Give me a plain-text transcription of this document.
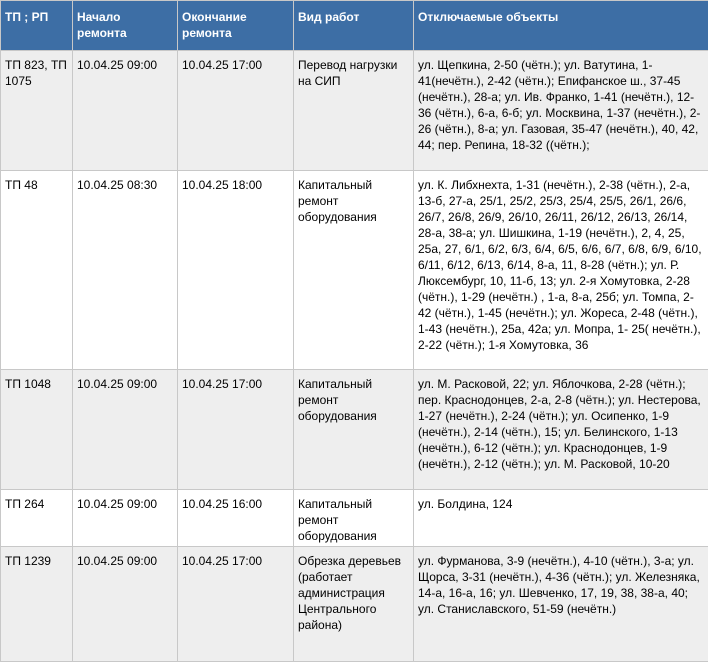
ТП ; РП	Начало ремонта	Окончание ремонта	Вид работ	Отключаемые объекты
ТП 823, ТП 1075	10.04.25 09:00	10.04.25 17:00	Перевод нагрузки на СИП	ул. Щепкина, 2-50 (чётн.); ул. Ватутина, 1-41(нечётн.), 2-42 (чётн.); Епифанское ш., 37-45 (нечётн.), 28-а; ул. Ив. Франко, 1-41 (нечётн.), 12-36 (чётн.), 6-а, 6-б; ул. Москвина, 1-37 (нечётн.), 2-26 (чётн.), 8-а; ул. Газовая, 35-47 (нечётн.), 40, 42, 44; пер. Репина, 18-32 ((чётн.);
ТП 48	10.04.25 08:30	10.04.25 18:00	Капитальный ремонт оборудования	ул. К. Либхнехта, 1-31 (нечётн.), 2-38 (чётн.), 2-а, 13-б, 27-а, 25/1, 25/2, 25/3, 25/4, 25/5, 26/1, 26/6, 26/7, 26/8, 26/9, 26/10, 26/11, 26/12, 26/13, 26/14, 28-а, 38-а; ул. Шишкина, 1-19 (нечётн.), 2, 4, 25, 25а, 27, 6/1, 6/2, 6/3, 6/4, 6/5, 6/6, 6/7, 6/8, 6/9, 6/10, 6/11, 6/12, 6/13, 6/14, 8-а, 11, 8-28 (чётн.); ул. Р. Люксембург, 10, 11-б, 13; ул. 2-я Хомутовка, 2-28 (чётн.), 1-29 (нечётн.) , 1-а, 8-а, 25б; ул. Томпа, 2-42 (чётн.), 1-45 (нечётн.); ул. Жореса, 2-48 (чётн.), 1-43 (нечётн.), 25а, 42а; ул. Мопра, 1- 25( нечётн.), 2-22 (чётн.); 1-я Хомутовка, 36
ТП 1048	10.04.25 09:00	10.04.25 17:00	Капитальный ремонт оборудования	ул. М. Расковой, 22; ул. Яблочкова, 2-28 (чётн.); пер. Краснодонцев, 2-а, 2-8 (чётн.); ул. Нестерова, 1-27 (нечётн.), 2-24 (чётн.); ул. Осипенко, 1-9 (нечётн.), 2-14 (чётн.), 15; ул. Белинского, 1-13 (нечётн.), 6-12 (чётн.); ул. Краснодонцев, 1-9 (нечётн.), 2-12 (чётн.); ул. М. Расковой, 10-20
ТП 264	10.04.25 09:00	10.04.25 16:00	Капитальный ремонт оборудования	ул. Болдина, 124
ТП 1239	10.04.25 09:00	10.04.25 17:00	Обрезка деревьев (работает администрация Центрального района)	ул. Фурманова, 3-9 (нечётн.), 4-10 (чётн.), 3-а; ул. Щорса, 3-31 (нечётн.), 4-36 (чётн.); ул. Железняка, 14-а, 16-а, 16; ул. Шевченко, 17, 19, 38, 38-а, 40; ул. Станиславского, 51-59 (нечётн.)
